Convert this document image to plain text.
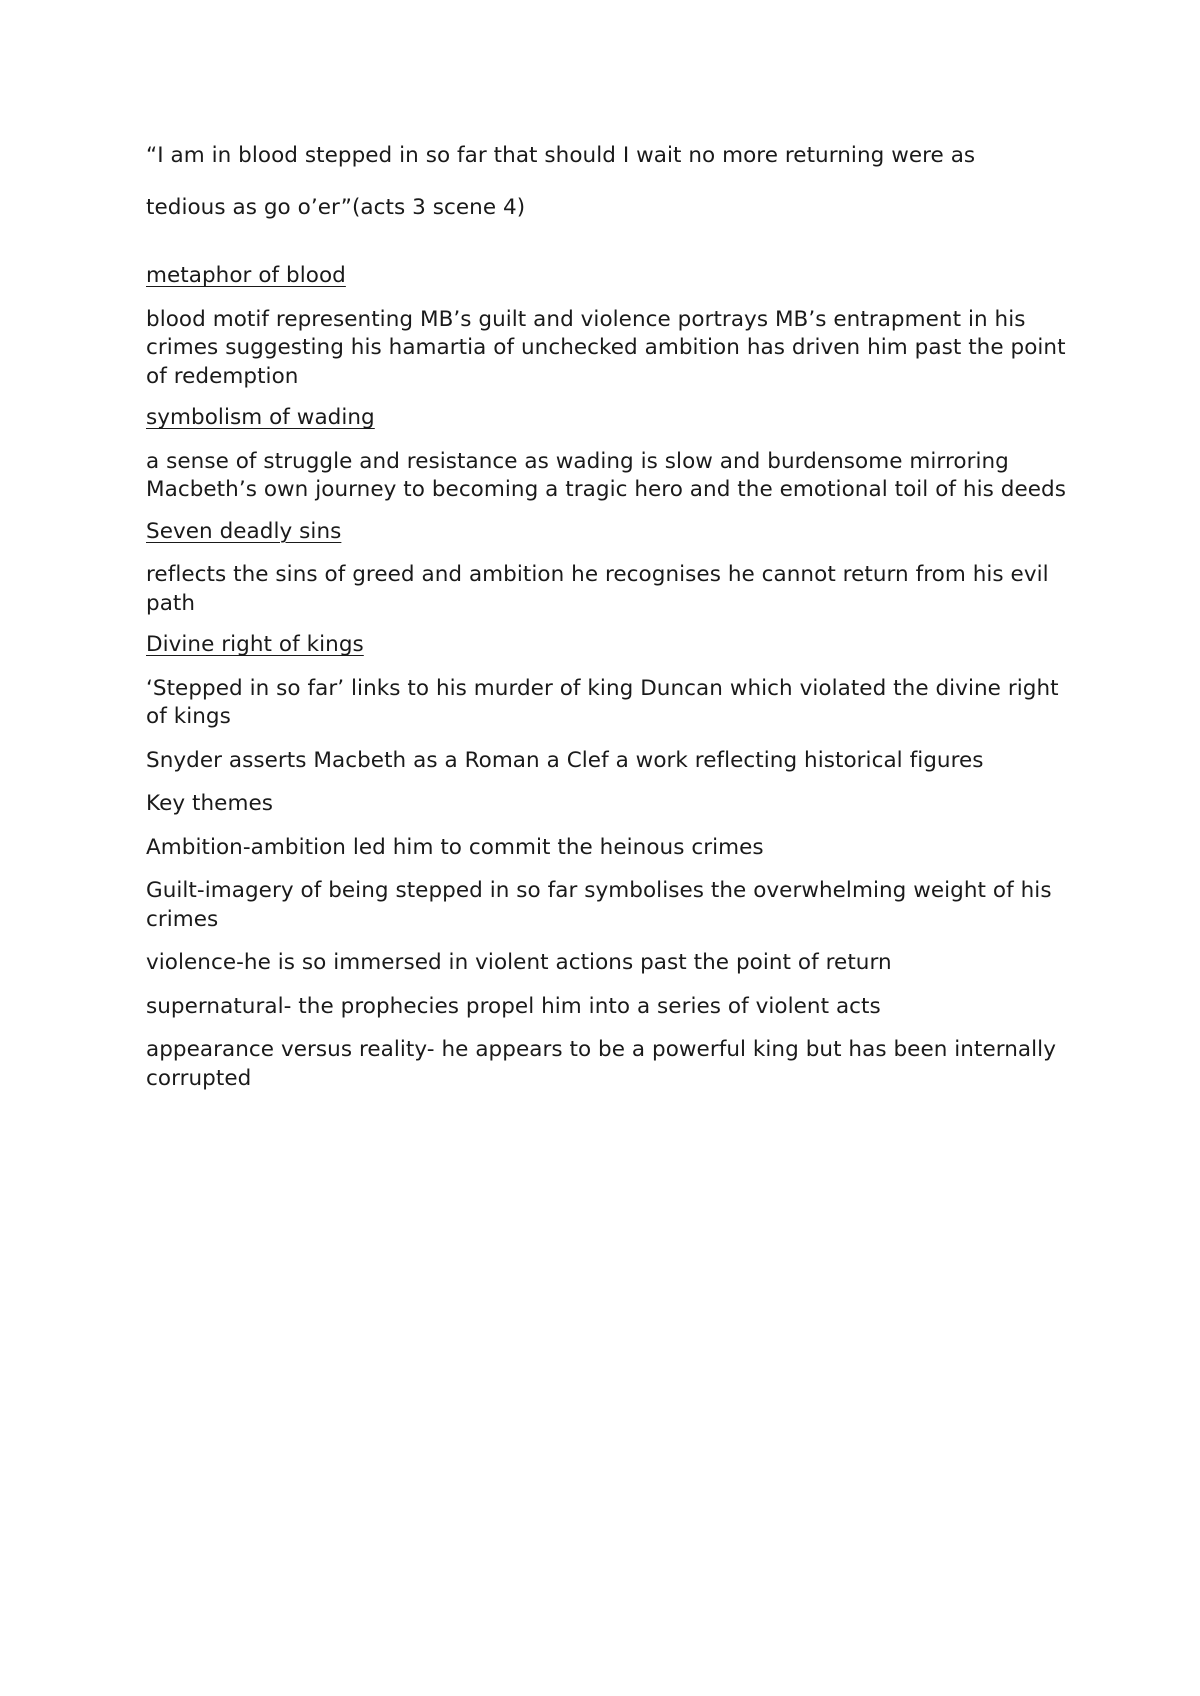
“I am in blood stepped in so far that should I wait no more returning were as

tedious as go o’er”(acts 3 scene 4)

metaphor of blood

blood motif representing MB’s guilt and violence portrays MB’s entrapment in his crimes suggesting his hamartia of unchecked ambition has driven him past the point of redemption

symbolism of wading

a sense of struggle and resistance as wading is slow and burdensome mirroring Macbeth’s own journey to becoming a tragic hero and the emotional toil of his deeds

Seven deadly sins

reflects the sins of greed and ambition he recognises he cannot return from his evil path

Divine right of kings

‘Stepped in so far’ links to his murder of king Duncan which violated the divine right of kings

Snyder asserts Macbeth as a Roman a Clef a work reflecting historical figures

Key themes

Ambition-ambition led him to commit the heinous crimes

Guilt-imagery of being stepped in so far symbolises the overwhelming weight of his crimes

violence-he is so immersed in violent actions past the point of return

supernatural- the prophecies propel him into a series of violent acts

appearance versus reality- he appears to be a powerful king but has been internally corrupted
